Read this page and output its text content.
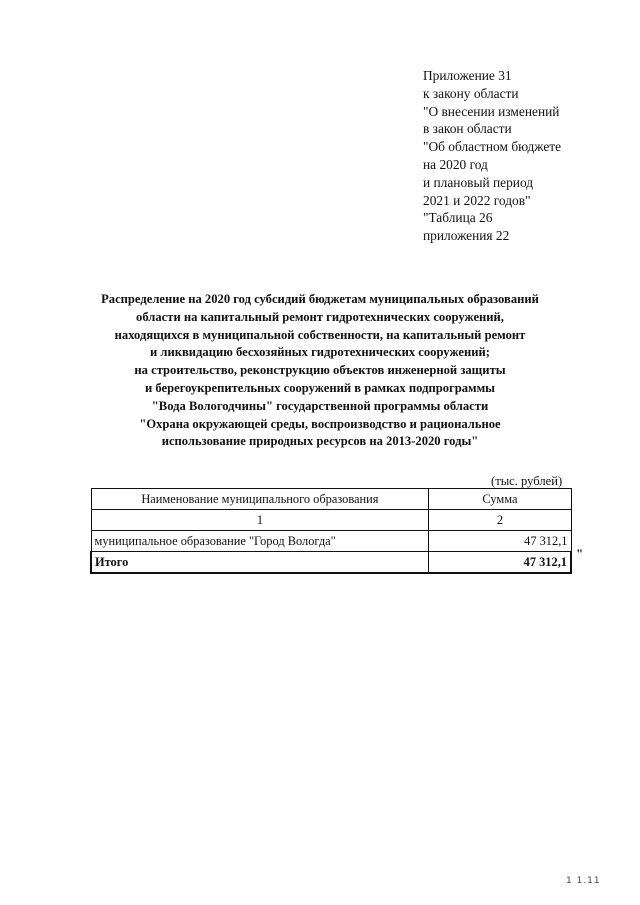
Приложение 31
к закону области
"О внесении изменений
в закон области
"Об областном бюджете
на 2020 год
и плановый период
2021 и 2022 годов"
"Таблица 26
приложения 22
Распределение на 2020 год субсидий бюджетам муниципальных образований
области на капитальный ремонт гидротехнических сооружений,
находящихся в муниципальной собственности, на капитальный ремонт
и ликвидацию бесхозяйных гидротехнических сооружений;
на строительство, реконструкцию объектов инженерной защиты
и берегоукрепительных сооружений в рамках подпрограммы
"Вода Вологодчины" государственной программы области
"Охрана окружающей среды, воспроизводство и рациональное
использование природных ресурсов на 2013-2020 годы"
(тыс. рублей)
Наименование муниципального образования	Сумма
1	2
муниципальное образование "Город Вологда"	47 312,1
Итого	47 312,1
"
1 1.11
